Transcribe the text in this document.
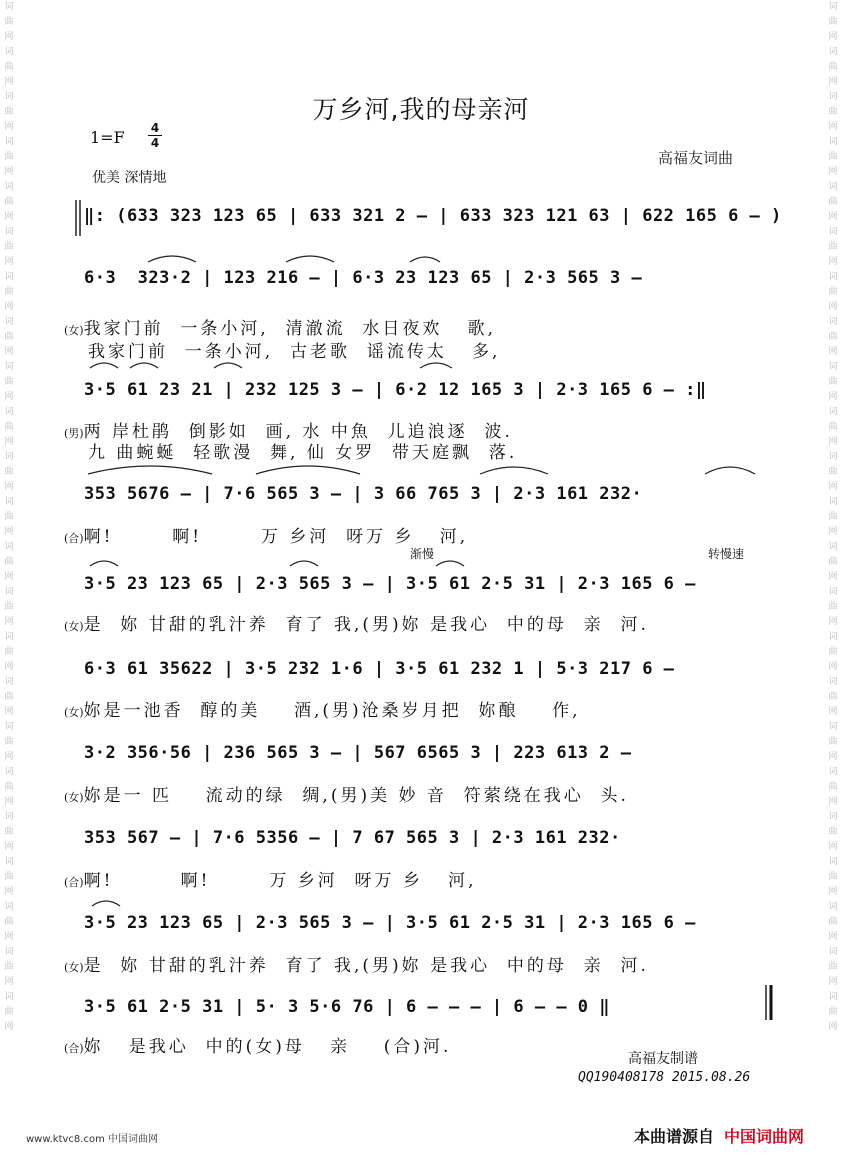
词曲网词曲网词曲网词曲网词曲网词曲网词曲网词曲网词曲网词曲网词曲网词曲网词曲网词曲网词曲网词曲网词曲网词曲网词曲网词曲网词曲网词曲网词曲网
词曲网词曲网词曲网词曲网词曲网词曲网词曲网词曲网词曲网词曲网词曲网词曲网词曲网词曲网词曲网词曲网词曲网词曲网词曲网词曲网词曲网词曲网词曲网
万乡河,我的母亲河
1=F 4
4
优美 深情地
高福友词曲
‖: (633 323 123 65 | 633 321 2 – | 633 323 121 63 | 622 165 6 – )
6·3  323·2 | 123 216 – | 6·3 23 123 65 | 2·3 565 3 –
(女)我家门前  一条小河,  清澈流  水日夜欢   歌,
我家门前  一条小河,  古老歌  谣流传太   多,
3·5 61 23 21 | 232 125 3 – | 6·2 12 165 3 | 2·3 165 6 – :‖
(男)两 岸杜鹃  倒影如  画, 水 中魚  儿追浪逐  波.
九 曲蜿蜒  轻歌漫  舞, 仙 女罗  带天庭飘  落.
353 5676 – | 7·6 565 3 – | 3 66 765 3 | 2·3 161 232·
(合)啊!       啊!       万 乡河  呀万 乡   河,
渐慢	转慢速
3·5 23 123 65 | 2·3 565 3 – | 3·5 61 2·5 31 | 2·3 165 6 –
(女)是  妳 甘甜的乳汁养  育了 我,(男)妳 是我心  中的母  亲  河.
6·3 61 35622 | 3·5 232 1·6 | 3·5 61 232 1 | 5·3 217 6 –
(女)妳是一池香  醇的美    酒,(男)沧桑岁月把  妳酿    作,
3·2 356·56 | 236 565 3 – | 567 6565 3 | 223 613 2 –
(女)妳是一 匹    流动的绿  绸,(男)美 妙 音  符萦绕在我心  头.
353 567 – | 7·6 5356 – | 7 67 565 3 | 2·3 161 232·
(合)啊!        啊!       万 乡河  呀万 乡   河,
3·5 23 123 65 | 2·3 565 3 – | 3·5 61 2·5 31 | 2·3 165 6 –
(女)是  妳 甘甜的乳汁养  育了 我,(男)妳 是我心  中的母  亲  河.
3·5 61 2·5 31 | 5· 3 5·6 76 | 6 – – – | 6 – – 0 ‖
(合)妳   是我心  中的(女)母   亲    (合)河.
高福友制谱
QQ190408178 2015.08.26
www.ktvc8.com 中国词曲网	本曲谱源自 中国词曲网
